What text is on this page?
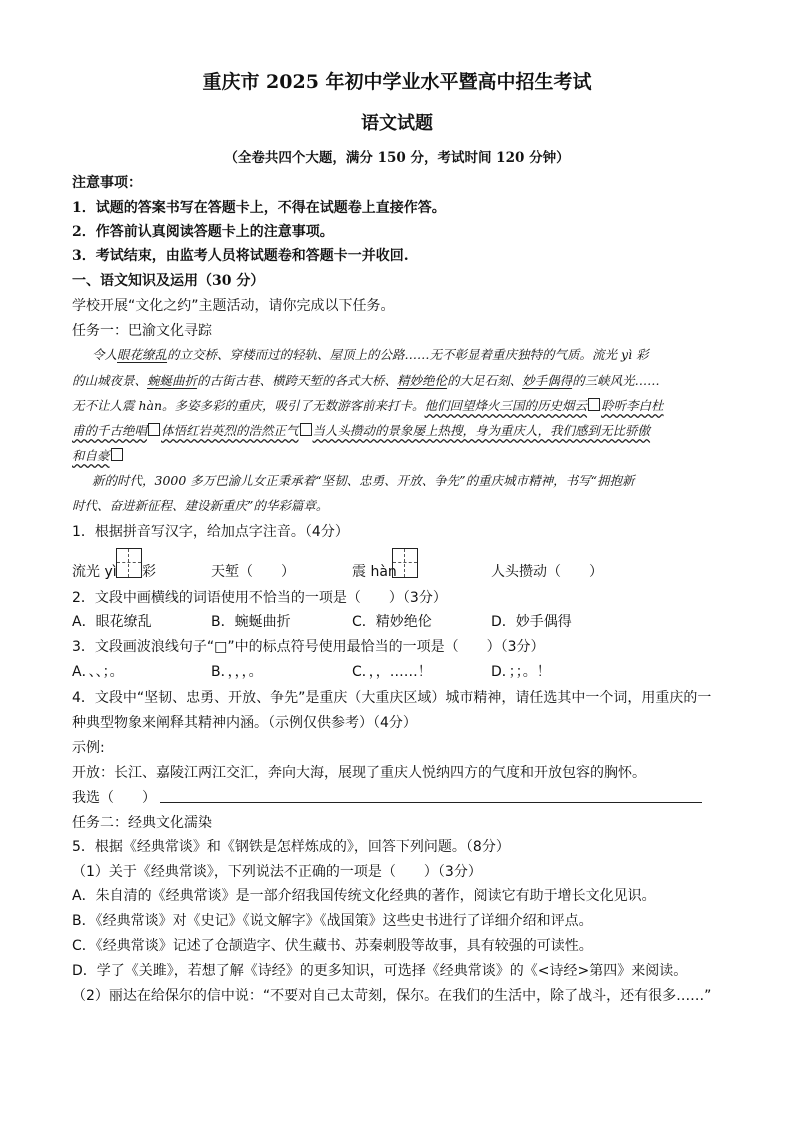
重庆市 2025 年初中学业水平暨高中招生考试
语文试题
（全卷共四个大题，满分 150 分，考试时间 120 分钟）
注意事项：
1．试题的答案书写在答题卡上，不得在试题卷上直接作答。
2．作答前认真阅读答题卡上的注意事项。
3．考试结束，由监考人员将试题卷和答题卡一并收回.
一、语文知识及运用（30 分）
学校开展“文化之约”主题活动，请你完成以下任务。
任务一：巴渝文化寻踪
令人眼花缭乱的立交桥、穿楼而过的轻轨、屋顶上的公路……无不彰显着重庆独特的气质。流光 yì 彩
的山城夜景、蜿蜒曲折的古街古巷、横跨天堑的各式大桥、精妙绝伦的大足石刻、妙手偶得的三峡风光……
无不让人震 hàn。多姿多彩的重庆，吸引了无数游客前来打卡。他们回望烽火三国的历史烟云 聆听李白杜
甫的千古绝唱 体悟红岩英烈的浩然正气 当人头攒动的景象屡上热搜，身为重庆人，我们感到无比骄傲
和自豪
新的时代，3000 多万巴渝儿女正秉承着“坚韧、忠勇、开放、争先”的重庆城市精神，书写“拥抱新
时代、奋进新征程、建设新重庆”的华彩篇章。
1．根据拼音写汉字，给加点字注音。（4分）
流光 yì 彩	天堑（　　）	震 hàn	人头攒动（　　）
2．文段中画横线的词语使用不恰当的一项是（　　）（3分）
A．眼花缭乱	B．蜿蜒曲折	C．精妙绝伦	D．妙手偶得
3．文段画波浪线句子“□”中的标点符号使用最恰当的一项是（　　）（3分）
A．、、；。	B．，，，。	C．，，……！	D．；；。！
4．文段中“坚韧、忠勇、开放、争先”是重庆（大重庆区域）城市精神，请任选其中一个词，用重庆的一
种典型物象来阐释其精神内涵。（示例仅供参考）（4分）
示例:
开放：长江、嘉陵江两江交汇，奔向大海，展现了重庆人悦纳四方的气度和开放包容的胸怀。
我选（　　）
任务二：经典文化濡染
5．根据《经典常谈》和《钢铁是怎样炼成的》，回答下列问题。（8分）
（1）关于《经典常谈》，下列说法不正确的一项是（　　）（3分）
A．朱自清的《经典常谈》是一部介绍我国传统文化经典的著作，阅读它有助于增长文化见识。
B．《经典常谈》对《史记》《说文解字》《战国策》这些史书进行了详细介绍和评点。
C．《经典常谈》记述了仓颉造字、伏生藏书、苏秦刺股等故事，具有较强的可读性。
D．学了《关雎》，若想了解《诗经》的更多知识，可选择《经典常谈》的《<诗经>第四》来阅读。
（2）丽达在给保尔的信中说：“不要对自己太苛刻，保尔。在我们的生活中，除了战斗，还有很多……”
